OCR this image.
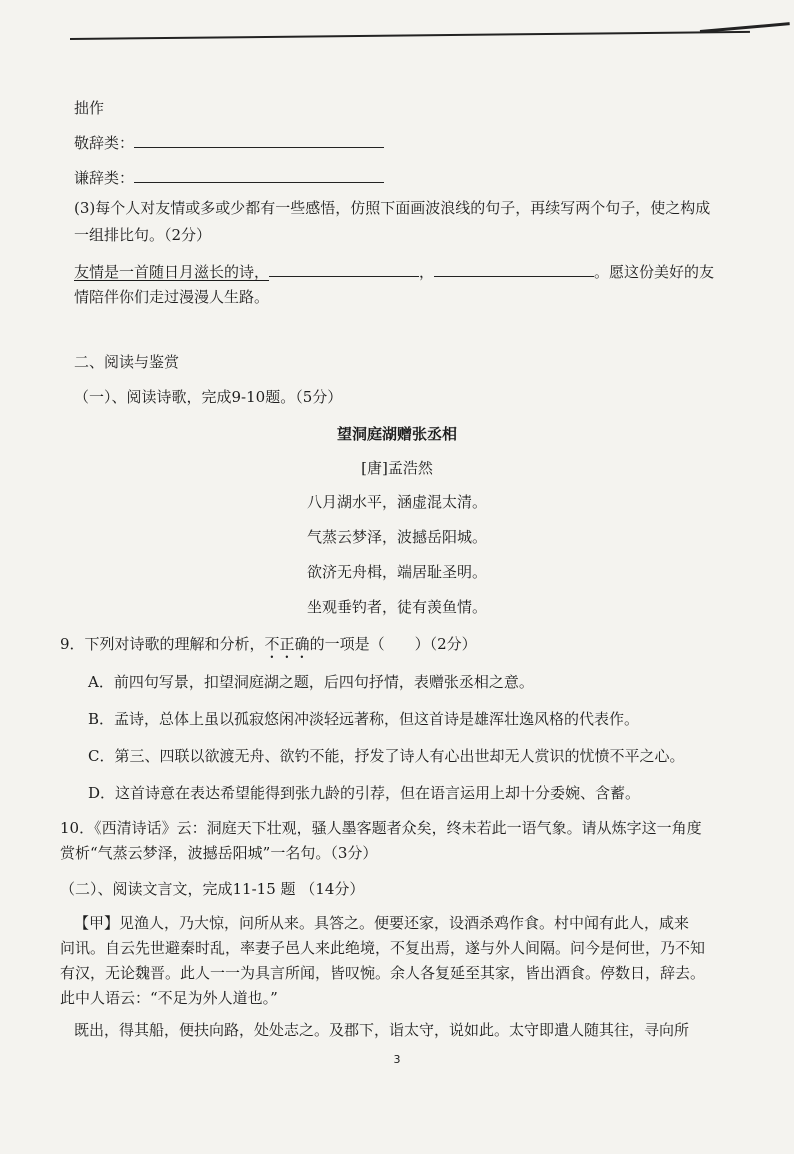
拙作
敬辞类：
谦辞类：
(3)每个人对友情或多或少都有一些感悟，仿照下面画波浪线的句子，再续写两个句子，使之构成
一组排比句。（2分）
友情是一首随日月滋长的诗，	，	。愿这份美好的友
情陪伴你们走过漫漫人生路。
二、阅读与鉴赏
（一）、阅读诗歌，完成9-10题。（5分）
望洞庭湖赠张丞相
[唐]孟浩然
八月湖水平，涵虚混太清。
气蒸云梦泽，波撼岳阳城。
欲济无舟楫，端居耻圣明。
坐观垂钓者，徒有羡鱼情。
9．下列对诗歌的理解和分析，不正确的一项是（　　）（2分）
A．前四句写景，扣望洞庭湖之题，后四句抒情，表赠张丞相之意。
B．孟诗，总体上虽以孤寂悠闲冲淡轻远著称，但这首诗是雄浑壮逸风格的代表作。
C．第三、四联以欲渡无舟、欲钓不能，抒发了诗人有心出世却无人赏识的忧愤不平之心。
D．这首诗意在表达希望能得到张九龄的引荐，但在语言运用上却十分委婉、含蓄。
10．《西清诗话》云：洞庭天下壮观，骚人墨客题者众矣，终未若此一语气象。请从炼字这一角度
赏析“气蒸云梦泽，波撼岳阳城”一名句。（3分）
（二）、阅读文言文，完成11-15 题 （14分）
【甲】见渔人，乃大惊，问所从来。具答之。便要还家，设酒杀鸡作食。村中闻有此人，咸来
问讯。自云先世避秦时乱，率妻子邑人来此绝境，不复出焉，遂与外人间隔。问今是何世，乃不知
有汉，无论魏晋。此人一一为具言所闻，皆叹惋。余人各复延至其家，皆出酒食。停数日，辞去。
此中人语云：“不足为外人道也。”
既出，得其船，便扶向路，处处志之。及郡下，诣太守，说如此。太守即遣人随其往，寻向所
3
